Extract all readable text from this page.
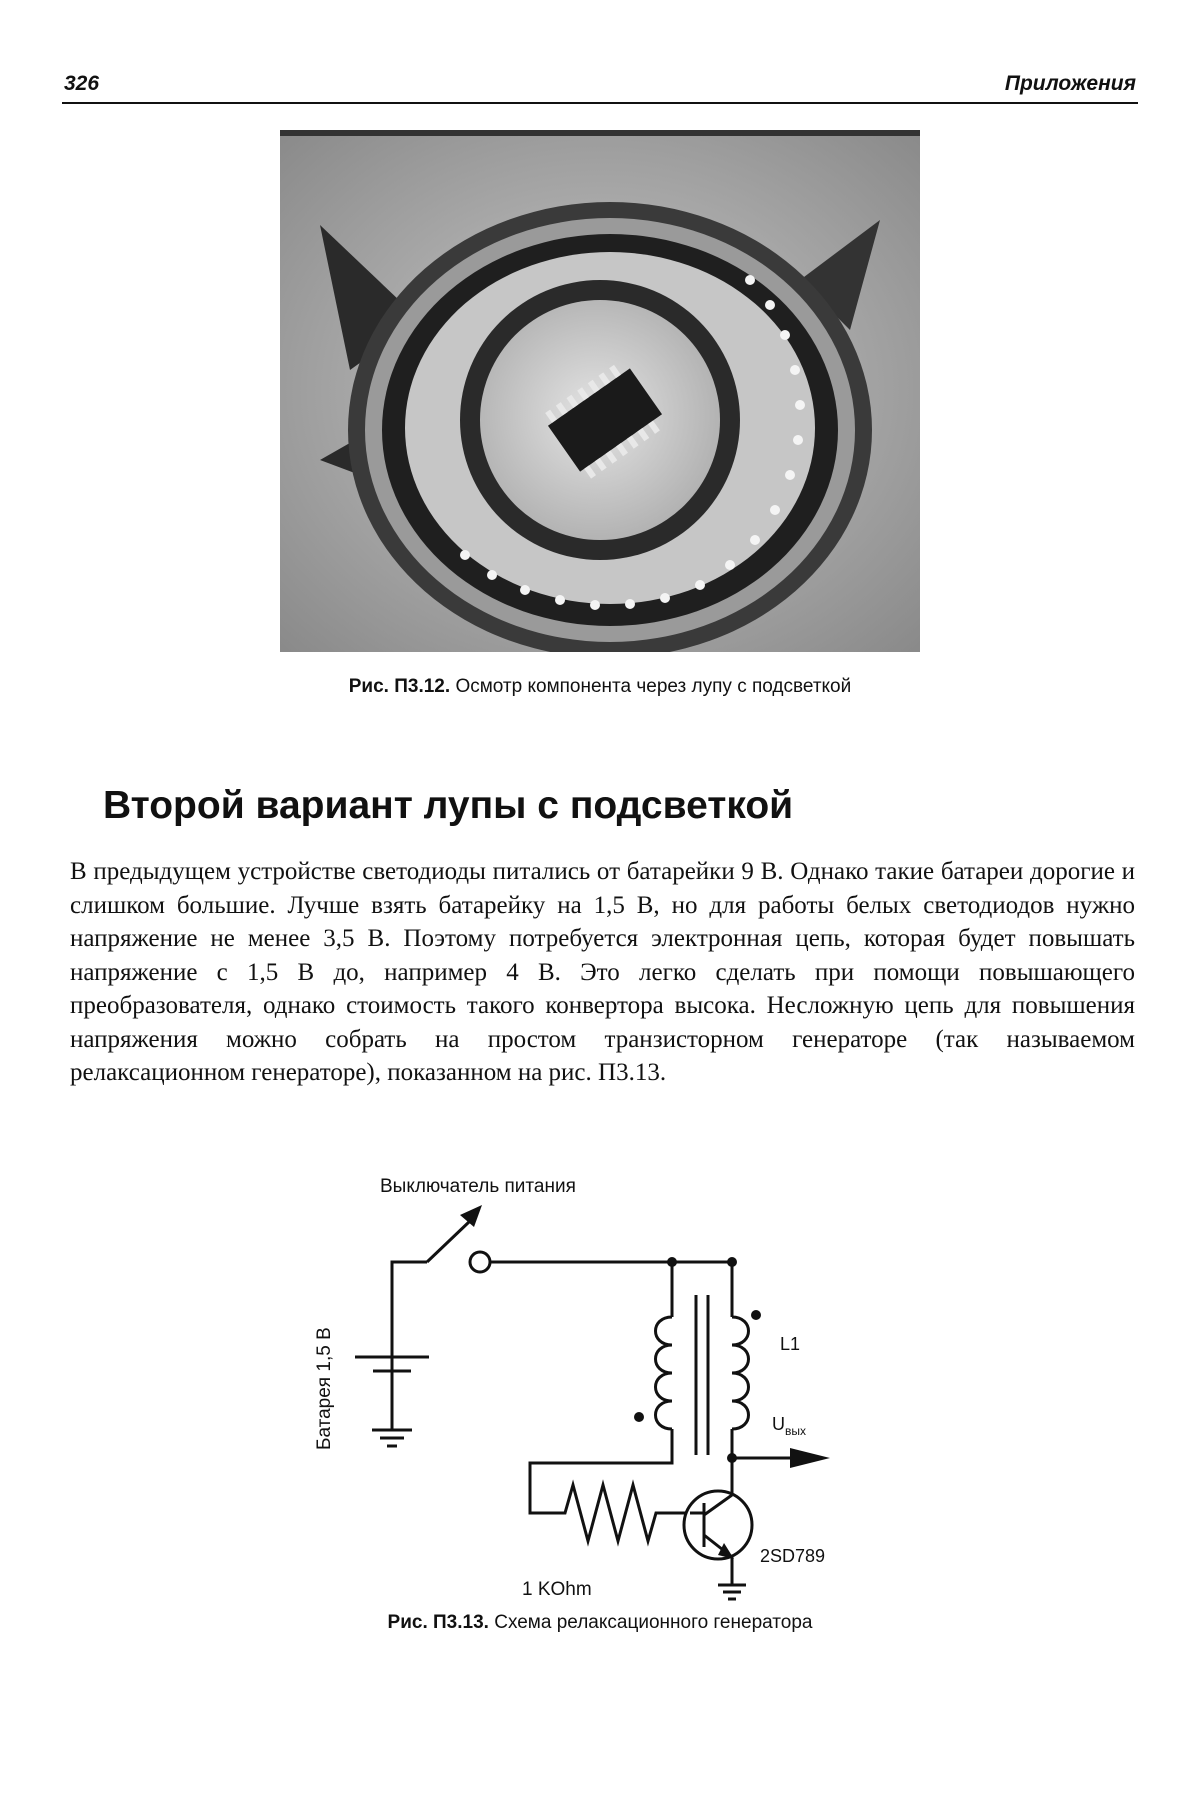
326	Приложения
Рис. П3.12. Осмотр компонента через лупу с подсветкой
Второй вариант лупы с подсветкой

В предыдущем устройстве светодиоды питались от батарейки 9 В. Однако такие батареи дорогие и слишком большие. Лучше взять батарейку на 1,5 В, но для работы белых светодиодов нужно напряжение не менее 3,5 В. Поэтому потребуется электронная цепь, которая будет повышать напряжение с 1,5 В до, например 4 В. Это легко сделать при помощи повышающего преобразователя, однако стоимость такого конвертора высока. Несложную цепь для повышения напряжения можно собрать на простом транзисторном генераторе (так называемом релаксационном генераторе), показанном на рис. П3.13.

Выключатель питания
Батарея 1,5 В	L1
$U_{вых}$
1 KOhm
2SD789
Рис. П3.13. Схема релаксационного генератора
